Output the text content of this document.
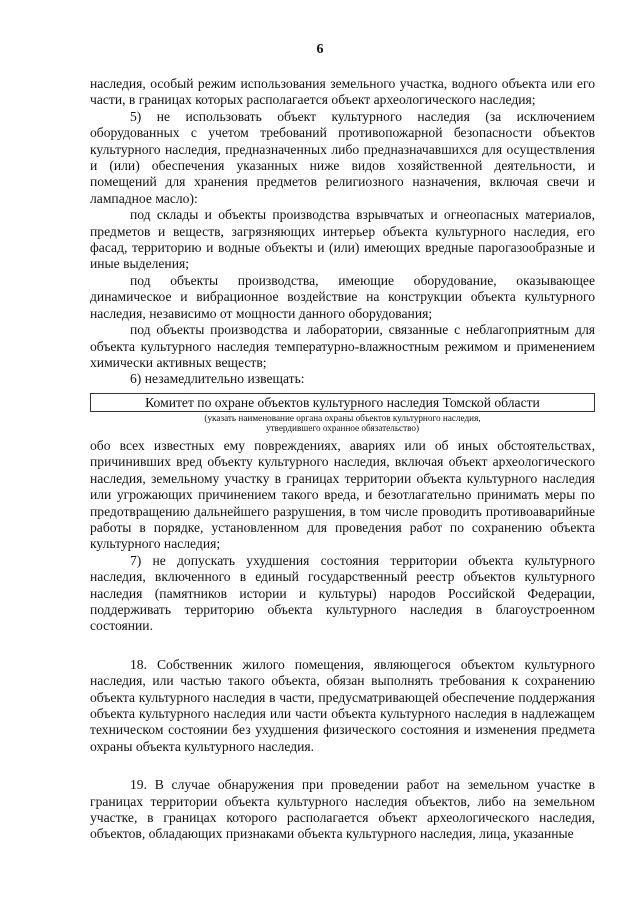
6

наследия, особый режим использования земельного участка, водного объекта или его части, в границах которых располагается объект археологического наследия;

5) не использовать объект культурного наследия (за исключением оборудованных с учетом требований противопожарной безопасности объектов культурного наследия, предназначенных либо предназначавшихся для осуществления и (или) обеспечения указанных ниже видов хозяйственной деятельности, и помещений для хранения предметов религиозного назначения, включая свечи и лампадное масло):

под склады и объекты производства взрывчатых и огнеопасных материалов, предметов и веществ, загрязняющих интерьер объекта культурного наследия, его фасад, территорию и водные объекты и (или) имеющих вредные парогазообразные и иные выделения;

под объекты производства, имеющие оборудование, оказывающее динамическое и вибрационное воздействие на конструкции объекта культурного наследия, независимо от мощности данного оборудования;

под объекты производства и лаборатории, связанные с неблагоприятным для объекта культурного наследия температурно-влажностным режимом и применением химически активных веществ;

6) незамедлительно извещать:

Комитет по охране объектов культурного наследия Томской области
(указать наименование органа охраны объектов культурного наследия,
утвердившего охранное обязательство)

обо всех известных ему повреждениях, авариях или об иных обстоятельствах, причинивших вред объекту культурного наследия, включая объект археологического наследия, земельному участку в границах территории объекта культурного наследия или угрожающих причинением такого вреда, и безотлагательно принимать меры по предотвращению дальнейшего разрушения, в том числе проводить противоаварийные работы в порядке, установленном для проведения работ по сохранению объекта культурного наследия;

7) не допускать ухудшения состояния территории объекта культурного наследия, включенного в единый государственный реестр объектов культурного наследия (памятников истории и культуры) народов Российской Федерации, поддерживать территорию объекта культурного наследия в благоустроенном состоянии.

18. Собственник жилого помещения, являющегося объектом культурного наследия, или частью такого объекта, обязан выполнять требования к сохранению объекта культурного наследия в части, предусматривающей обеспечение поддержания объекта культурного наследия или части объекта культурного наследия в надлежащем техническом состоянии без ухудшения физического состояния и изменения предмета охраны объекта культурного наследия.

19. В случае обнаружения при проведении работ на земельном участке в границах территории объекта культурного наследия объектов, либо на земельном участке, в границах которого располагается объект археологического наследия, объектов, обладающих признаками объекта культурного наследия, лица, указанные
